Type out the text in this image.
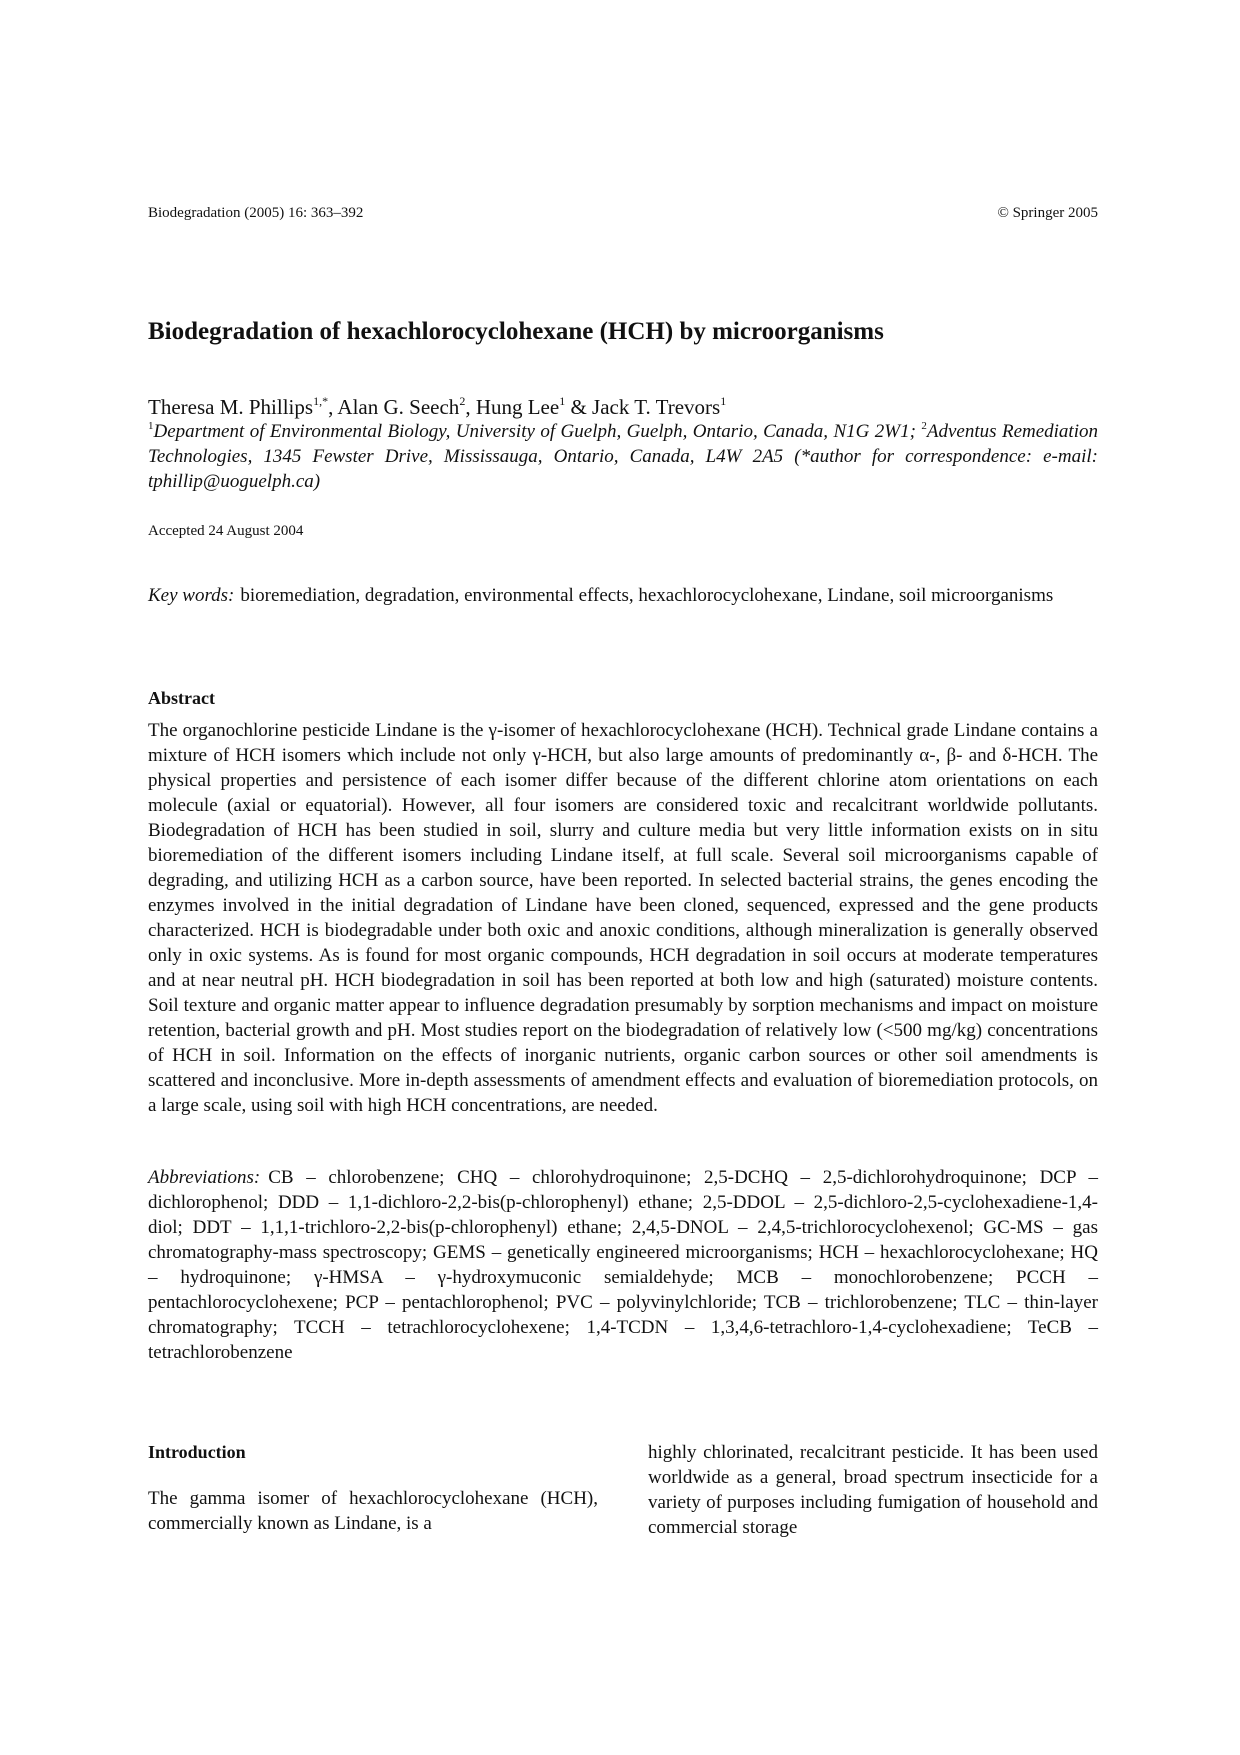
Biodegradation (2005) 16: 363–392	© Springer 2005
Biodegradation of hexachlorocyclohexane (HCH) by microorganisms
Theresa M. Phillips$^{1,*}$, Alan G. Seech$^2$, Hung Lee$^1$ & Jack T. Trevors$^1$
$^1$Department of Environmental Biology, University of Guelph, Guelph, Ontario, Canada, N1G 2W1; $^2$Adventus Remediation Technologies, 1345 Fewster Drive, Mississauga, Ontario, Canada, L4W 2A5 (*author for correspondence: e-mail: tphillip@uoguelph.ca)
Accepted 24 August 2004
Key words: bioremediation, degradation, environmental effects, hexachlorocyclohexane, Lindane, soil microorganisms
Abstract
The organochlorine pesticide Lindane is the γ-isomer of hexachlorocyclohexane (HCH). Technical grade Lindane contains a mixture of HCH isomers which include not only γ-HCH, but also large amounts of predominantly α-, β- and δ-HCH. The physical properties and persistence of each isomer differ because of the different chlorine atom orientations on each molecule (axial or equatorial). However, all four isomers are considered toxic and recalcitrant worldwide pollutants. Biodegradation of HCH has been studied in soil, slurry and culture media but very little information exists on in situ bioremediation of the different isomers including Lindane itself, at full scale. Several soil microorganisms capable of degrading, and utilizing HCH as a carbon source, have been reported. In selected bacterial strains, the genes encoding the enzymes involved in the initial degradation of Lindane have been cloned, sequenced, expressed and the gene products characterized. HCH is biodegradable under both oxic and anoxic conditions, although mineralization is generally observed only in oxic systems. As is found for most organic compounds, HCH degradation in soil occurs at moderate temperatures and at near neutral pH. HCH biodegradation in soil has been reported at both low and high (saturated) moisture contents. Soil texture and organic matter appear to influence degradation presumably by sorption mechanisms and impact on moisture retention, bacterial growth and pH. Most studies report on the biodegradation of relatively low (<500 mg/kg) concentrations of HCH in soil. Information on the effects of inorganic nutrients, organic carbon sources or other soil amendments is scattered and inconclusive. More in-depth assessments of amendment effects and evaluation of bioremediation protocols, on a large scale, using soil with high HCH concentrations, are needed.
Abbreviations: CB – chlorobenzene; CHQ – chlorohydroquinone; 2,5-DCHQ – 2,5-dichlorohydroquinone; DCP – dichlorophenol; DDD – 1,1-dichloro-2,2-bis(p-chlorophenyl) ethane; 2,5-DDOL – 2,5-dichloro-2,5-cyclohexadiene-1,4-diol; DDT – 1,1,1-trichloro-2,2-bis(p-chlorophenyl) ethane; 2,4,5-DNOL – 2,4,5-trichlorocyclohexenol; GC-MS – gas chromatography-mass spectroscopy; GEMS – genetically engineered microorganisms; HCH – hexachlorocyclohexane; HQ – hydroquinone; γ-HMSA – γ-hydroxymuconic semialdehyde; MCB – monochlorobenzene; PCCH – pentachlorocyclohexene; PCP – pentachlorophenol; PVC – polyvinylchloride; TCB – trichlorobenzene; TLC – thin-layer chromatography; TCCH – tetrachlorocyclohexene; 1,4-TCDN – 1,3,4,6-tetrachloro-1,4-cyclohexadiene; TeCB – tetrachlorobenzene
Introduction
The gamma isomer of hexachlorocyclohexane (HCH), commercially known as Lindane, is a
highly chlorinated, recalcitrant pesticide. It has been used worldwide as a general, broad spectrum insecticide for a variety of purposes including fumigation of household and commercial storage
